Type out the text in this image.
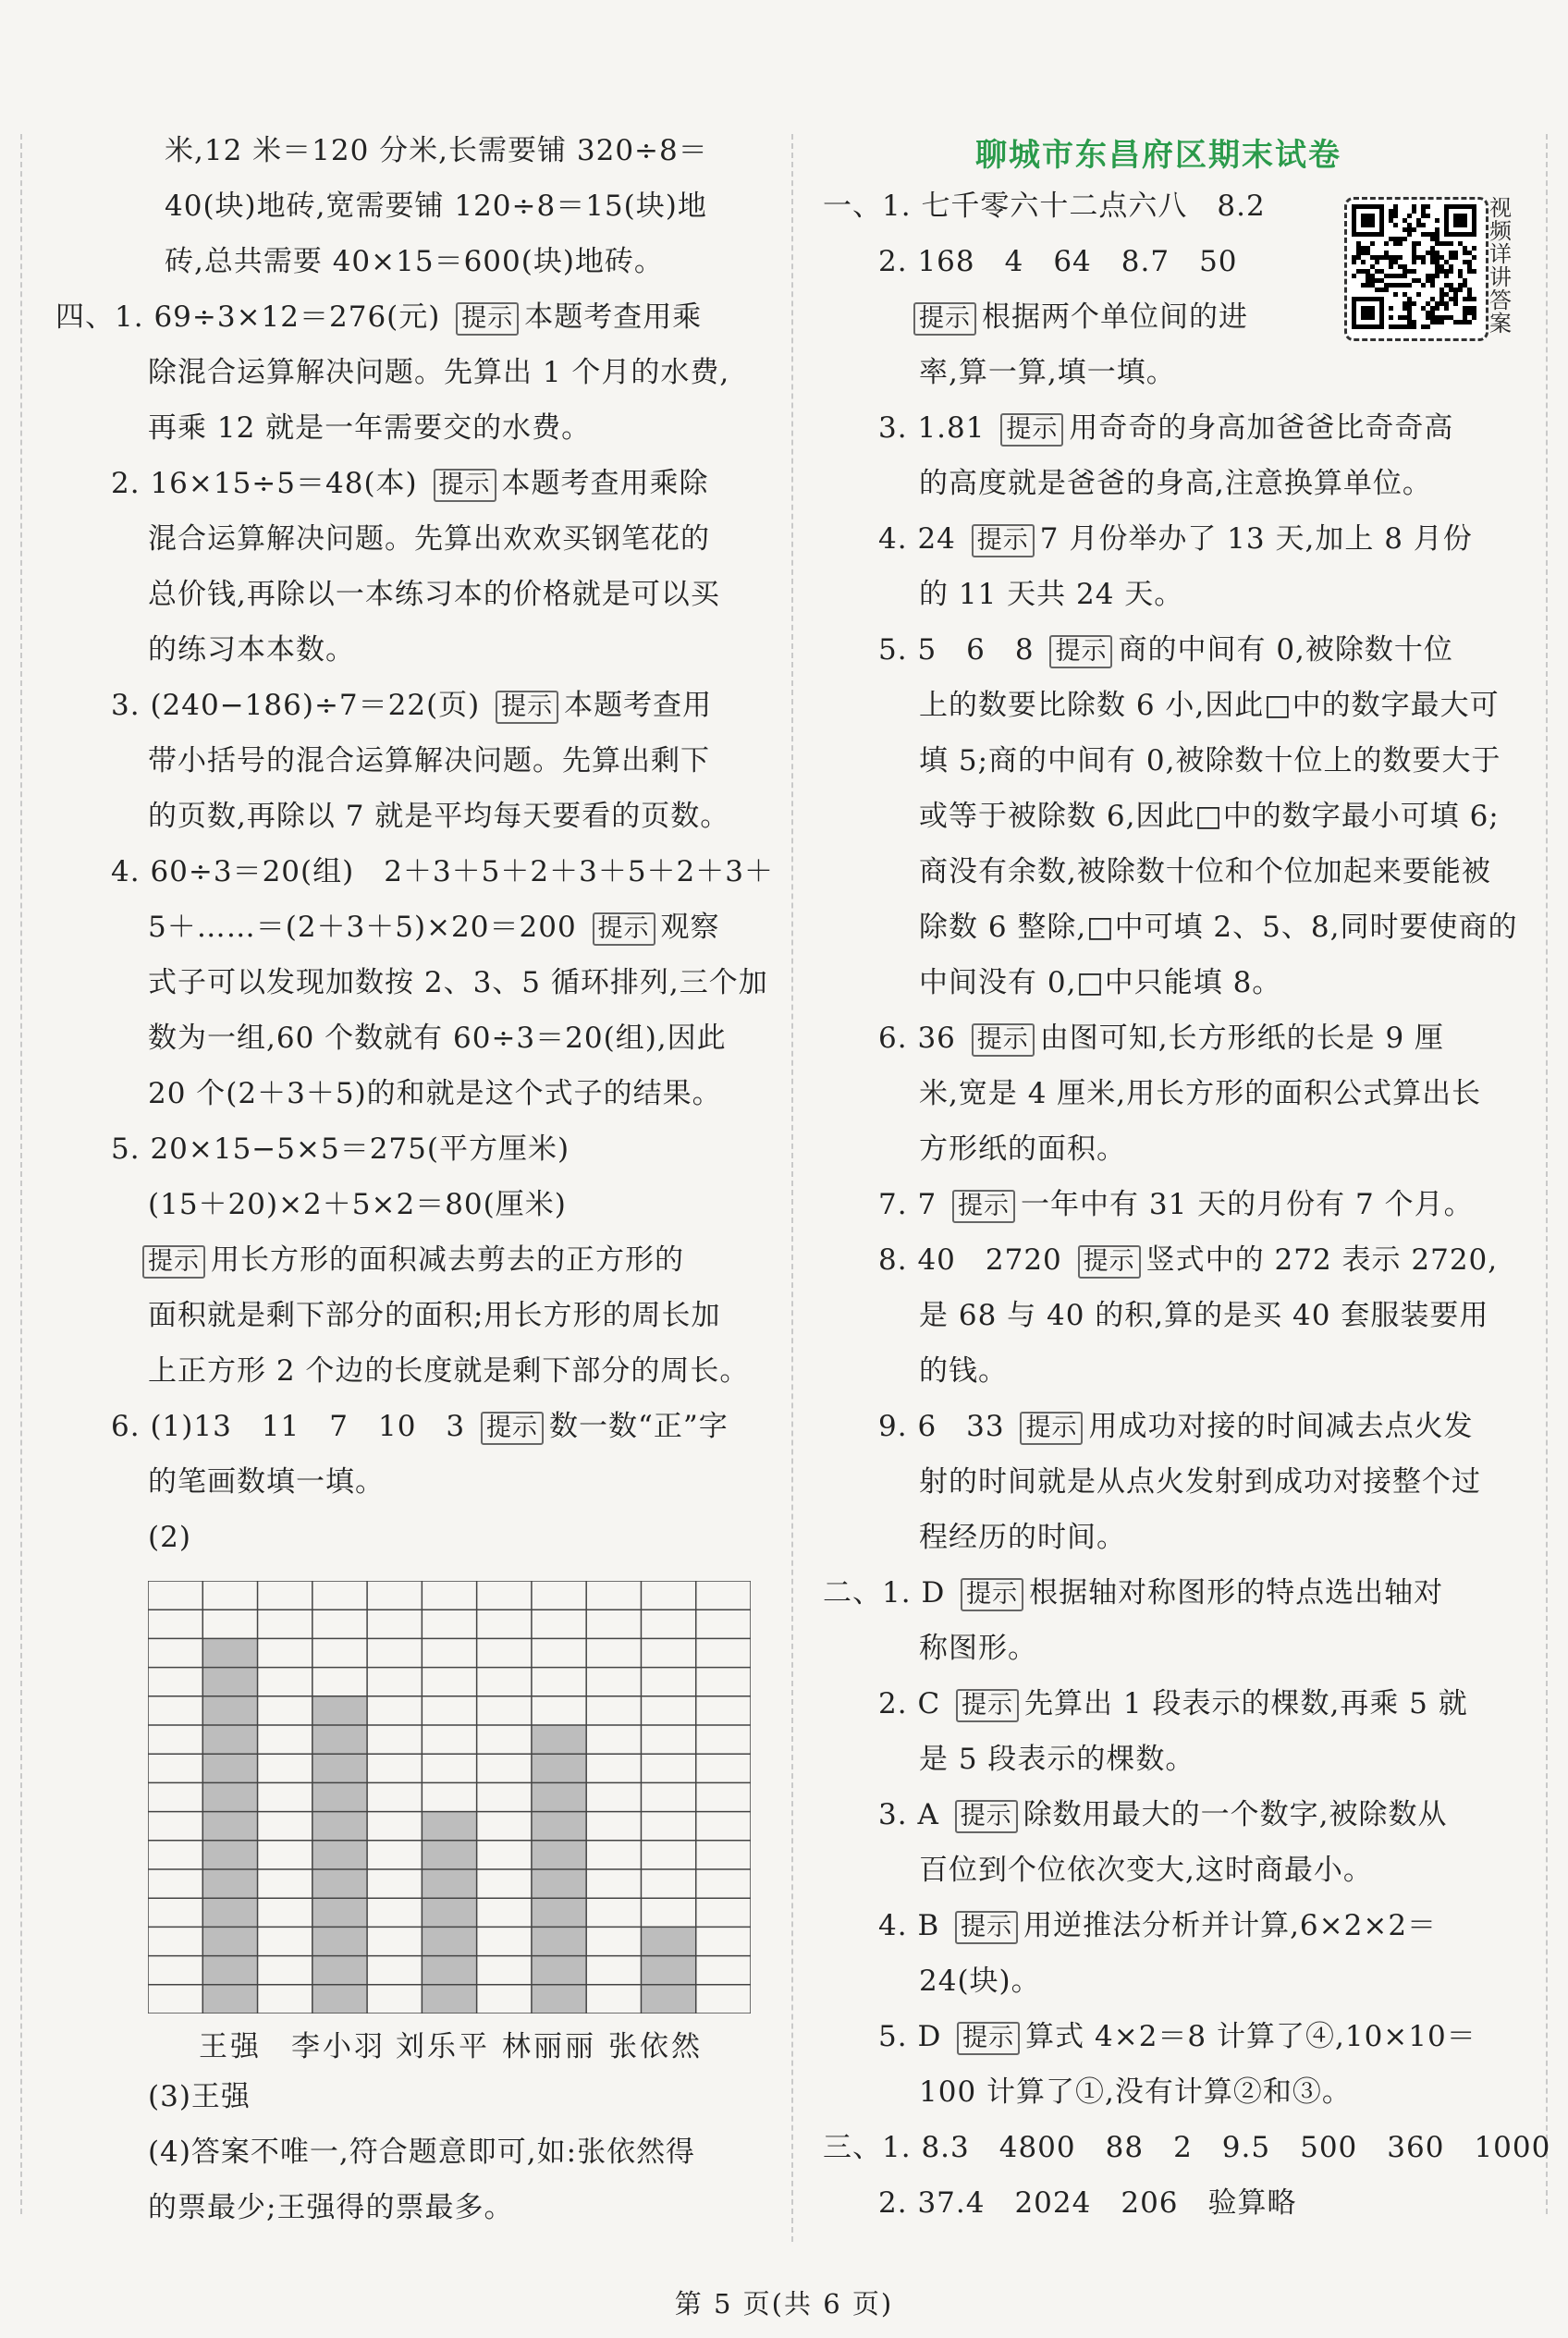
米,12 米＝120 分米,长需要铺 320÷8＝
40(块)地砖,宽需要铺 120÷8＝15(块)地
砖,总共需要 40×15＝600(块)地砖。
四、1. 69÷3×12＝276(元) 提示 本题考查用乘
除混合运算解决问题。先算出 1 个月的水费,
再乘 12 就是一年需要交的水费。
2. 16×15÷5＝48(本) 提示 本题考查用乘除
混合运算解决问题。先算出欢欢买钢笔花的
总价钱,再除以一本练习本的价格就是可以买
的练习本本数。
3. (240−186)÷7＝22(页) 提示 本题考查用
带小括号的混合运算解决问题。先算出剩下
的页数,再除以 7 就是平均每天要看的页数。
4. 60÷3＝20(组)　2＋3＋5＋2＋3＋5＋2＋3＋
5＋……＝(2＋3＋5)×20＝200 提示 观察
式子可以发现加数按 2、3、5 循环排列,三个加
数为一组,60 个数就有 60÷3＝20(组),因此
20 个(2＋3＋5)的和就是这个式子的结果。
5. 20×15−5×5＝275(平方厘米)
(15＋20)×2＋5×2＝80(厘米)
提示 用长方形的面积减去剪去的正方形的
面积就是剩下部分的面积;用长方形的周长加
上正方形 2 个边的长度就是剩下部分的周长。
6. (1)13　11　7　10　3 提示 数一数“正”字
的笔画数填一填。
(2)
王强 李小羽 刘乐平 林丽丽 张依然
(3)王强
(4)答案不唯一,符合题意即可,如:张依然得
的票最少;王强得的票最多。
聊城市东昌府区期末试卷
视
频
详
讲
答
案
一、1. 七千零六十二点六八　8.2
2. 168　4　64　8.7　50
提示 根据两个单位间的进
率,算一算,填一填。
3. 1.81 提示 用奇奇的身高加爸爸比奇奇高
的高度就是爸爸的身高,注意换算单位。
4. 24 提示 7 月份举办了 13 天,加上 8 月份
的 11 天共 24 天。
5. 5　6　8 提示 商的中间有 0,被除数十位
上的数要比除数 6 小,因此□中的数字最大可
填 5;商的中间有 0,被除数十位上的数要大于
或等于被除数 6,因此□中的数字最小可填 6;
商没有余数,被除数十位和个位加起来要能被
除数 6 整除,□中可填 2、5、8,同时要使商的
中间没有 0,□中只能填 8。
6. 36 提示 由图可知,长方形纸的长是 9 厘
米,宽是 4 厘米,用长方形的面积公式算出长
方形纸的面积。
7. 7 提示 一年中有 31 天的月份有 7 个月。
8. 40　2720 提示 竖式中的 272 表示 2720,
是 68 与 40 的积,算的是买 40 套服装要用
的钱。
9. 6　33 提示 用成功对接的时间减去点火发
射的时间就是从点火发射到成功对接整个过
程经历的时间。
二、1. D 提示 根据轴对称图形的特点选出轴对
称图形。
2. C 提示 先算出 1 段表示的棵数,再乘 5 就
是 5 段表示的棵数。
3. A 提示 除数用最大的一个数字,被除数从
百位到个位依次变大,这时商最小。
4. B 提示 用逆推法分析并计算,6×2×2＝
24(块)。
5. D 提示 算式 4×2＝8 计算了④,10×10＝
100 计算了①,没有计算②和③。
三、1. 8.3　4800　88　2　9.5　500　360　1000
2. 37.4　2024　206　验算略
第 5 页(共 6 页)
